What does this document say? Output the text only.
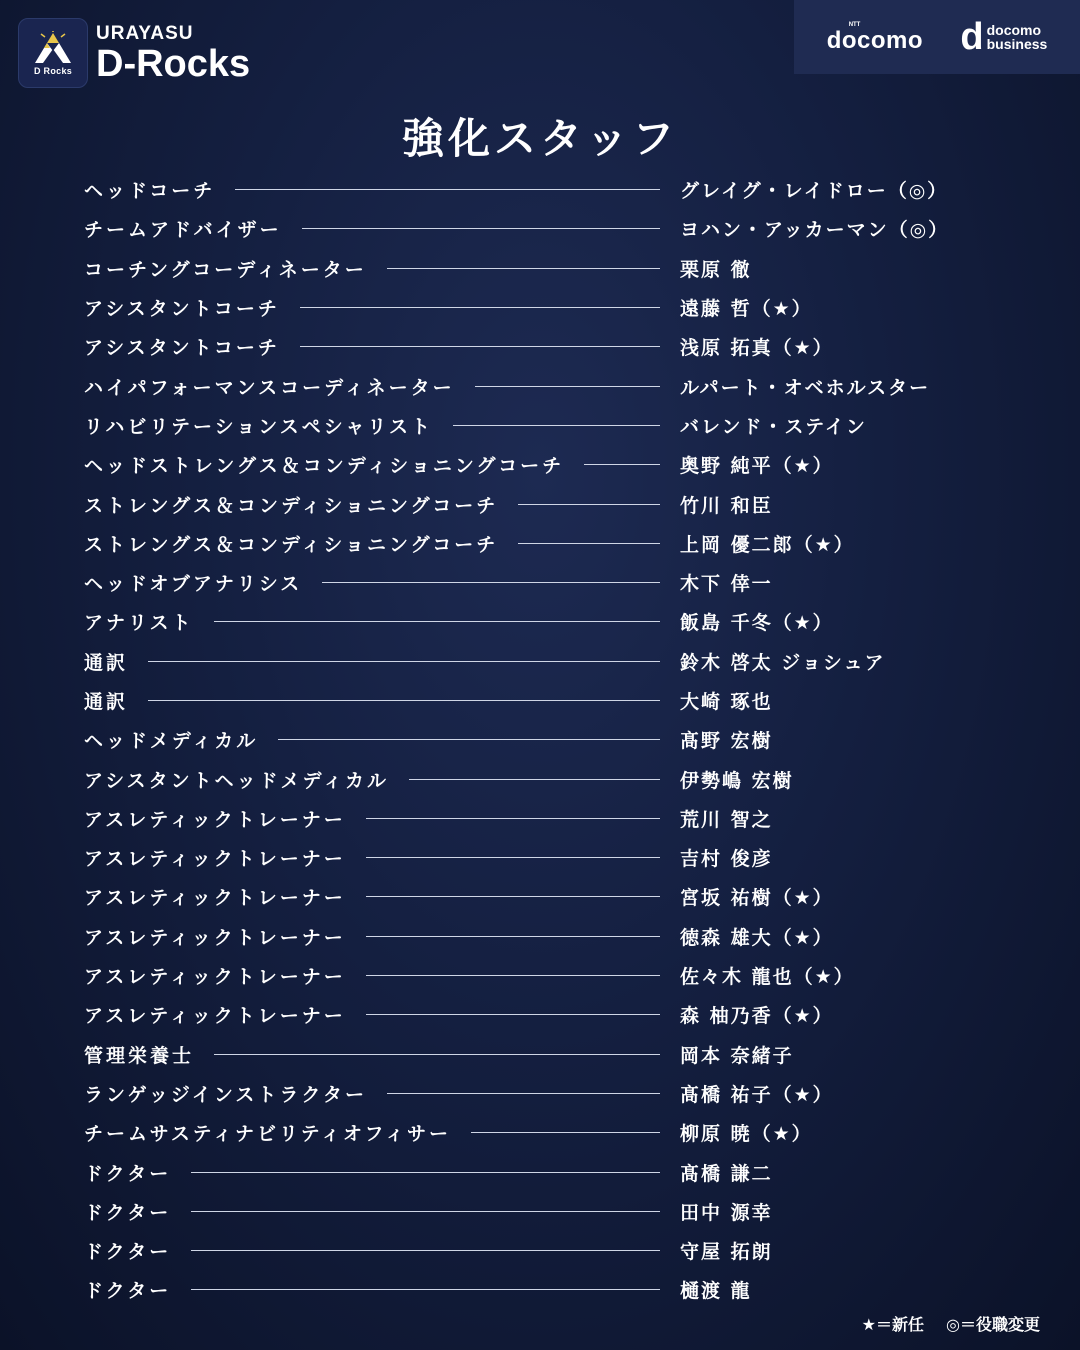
D Rocks
URAYASU
D-Rocks
NTT
docomo d docomo
business
強化スタッフ
ヘッドコーチ	グレイグ・レイドロー（◎）
チームアドバイザー	ヨハン・アッカーマン（◎）
コーチングコーディネーター	栗原 徹
アシスタントコーチ	遠藤 哲（★）
アシスタントコーチ	浅原 拓真（★）
ハイパフォーマンスコーディネーター	ルパート・オベホルスター
リハビリテーションスペシャリスト	バレンド・ステイン
ヘッドストレングス＆コンディショニングコーチ	奥野 純平（★）
ストレングス＆コンディショニングコーチ	竹川 和臣
ストレングス＆コンディショニングコーチ	上岡 優二郎（★）
ヘッドオブアナリシス	木下 倖一
アナリスト	飯島 千冬（★）
通訳	鈴木 啓太 ジョシュア
通訳	大崎 琢也
ヘッドメディカル	髙野 宏樹
アシスタントヘッドメディカル	伊勢嶋 宏樹
アスレティックトレーナー	荒川 智之
アスレティックトレーナー	吉村 俊彦
アスレティックトレーナー	宮坂 祐樹（★）
アスレティックトレーナー	徳森 雄大（★）
アスレティックトレーナー	佐々木 龍也（★）
アスレティックトレーナー	森 柚乃香（★）
管理栄養士	岡本 奈緒子
ランゲッジインストラクター	髙橋 祐子（★）
チームサスティナビリティオフィサー	柳原 暁（★）
ドクター	髙橋 謙二
ドクター	田中 源幸
ドクター	守屋 拓朗
ドクター	樋渡 龍
★＝新任 ◎＝役職変更
